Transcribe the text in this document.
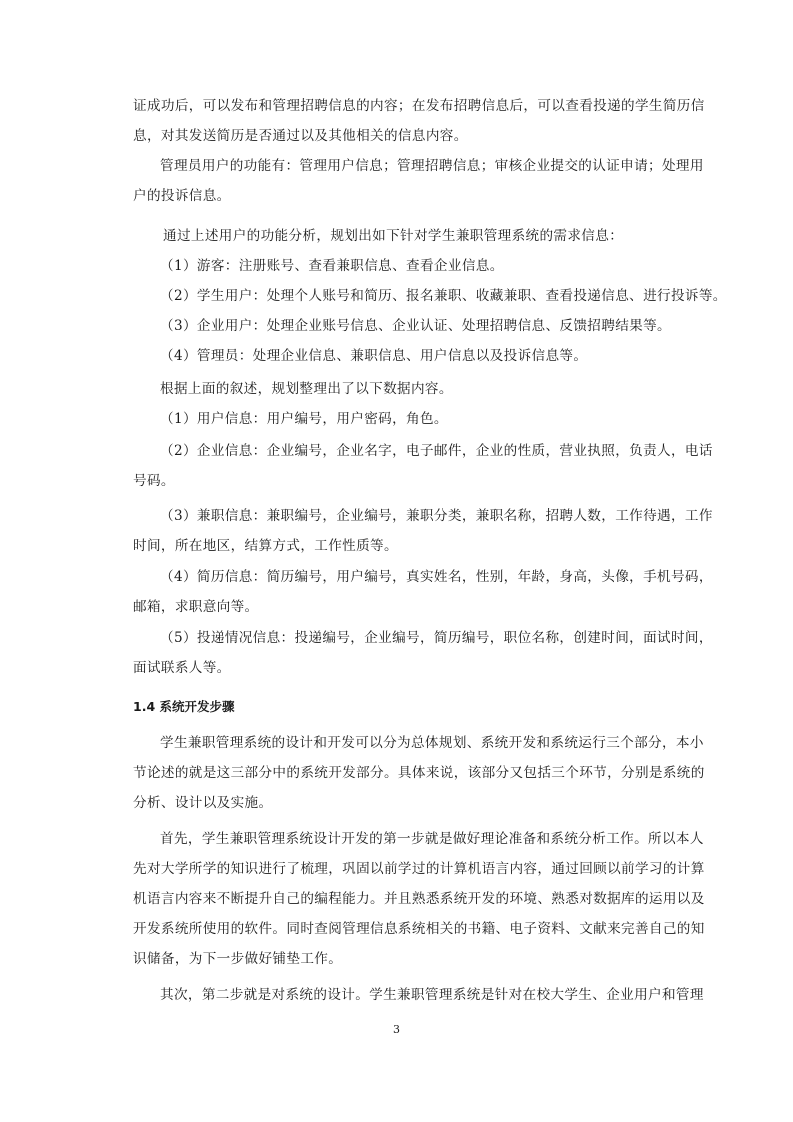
证成功后，可以发布和管理招聘信息的内容；在发布招聘信息后，可以查看投递的学生简历信
息，对其发送简历是否通过以及其他相关的信息内容。
管理员用户的功能有：管理用户信息；管理招聘信息；审核企业提交的认证申请；处理用
户的投诉信息。
通过上述用户的功能分析，规划出如下针对学生兼职管理系统的需求信息：
（1）游客：注册账号、查看兼职信息、查看企业信息。
（2）学生用户：处理个人账号和简历、报名兼职、收藏兼职、查看投递信息、进行投诉等。
（3）企业用户：处理企业账号信息、企业认证、处理招聘信息、反馈招聘结果等。
（4）管理员：处理企业信息、兼职信息、用户信息以及投诉信息等。
根据上面的叙述，规划整理出了以下数据内容。
（1）用户信息：用户编号，用户密码，角色。
（2）企业信息：企业编号，企业名字，电子邮件，企业的性质，营业执照，负责人，电话
号码。
（3）兼职信息：兼职编号，企业编号，兼职分类，兼职名称，招聘人数，工作待遇，工作
时间，所在地区，结算方式，工作性质等。
（4）简历信息：简历编号，用户编号，真实姓名，性别，年龄，身高，头像，手机号码，
邮箱，求职意向等。
（5）投递情况信息：投递编号，企业编号，简历编号，职位名称，创建时间，面试时间，
面试联系人等。
1.4 系统开发步骤
学生兼职管理系统的设计和开发可以分为总体规划、系统开发和系统运行三个部分，本小
节论述的就是这三部分中的系统开发部分。具体来说，该部分又包括三个环节，分别是系统的
分析、设计以及实施。
首先，学生兼职管理系统设计开发的第一步就是做好理论准备和系统分析工作。所以本人
先对大学所学的知识进行了梳理，巩固以前学过的计算机语言内容，通过回顾以前学习的计算
机语言内容来不断提升自己的编程能力。并且熟悉系统开发的环境、熟悉对数据库的运用以及
开发系统所使用的软件。同时查阅管理信息系统相关的书籍、电子资料、文献来完善自己的知
识储备，为下一步做好铺垫工作。
其次，第二步就是对系统的设计。学生兼职管理系统是针对在校大学生、企业用户和管理
3
